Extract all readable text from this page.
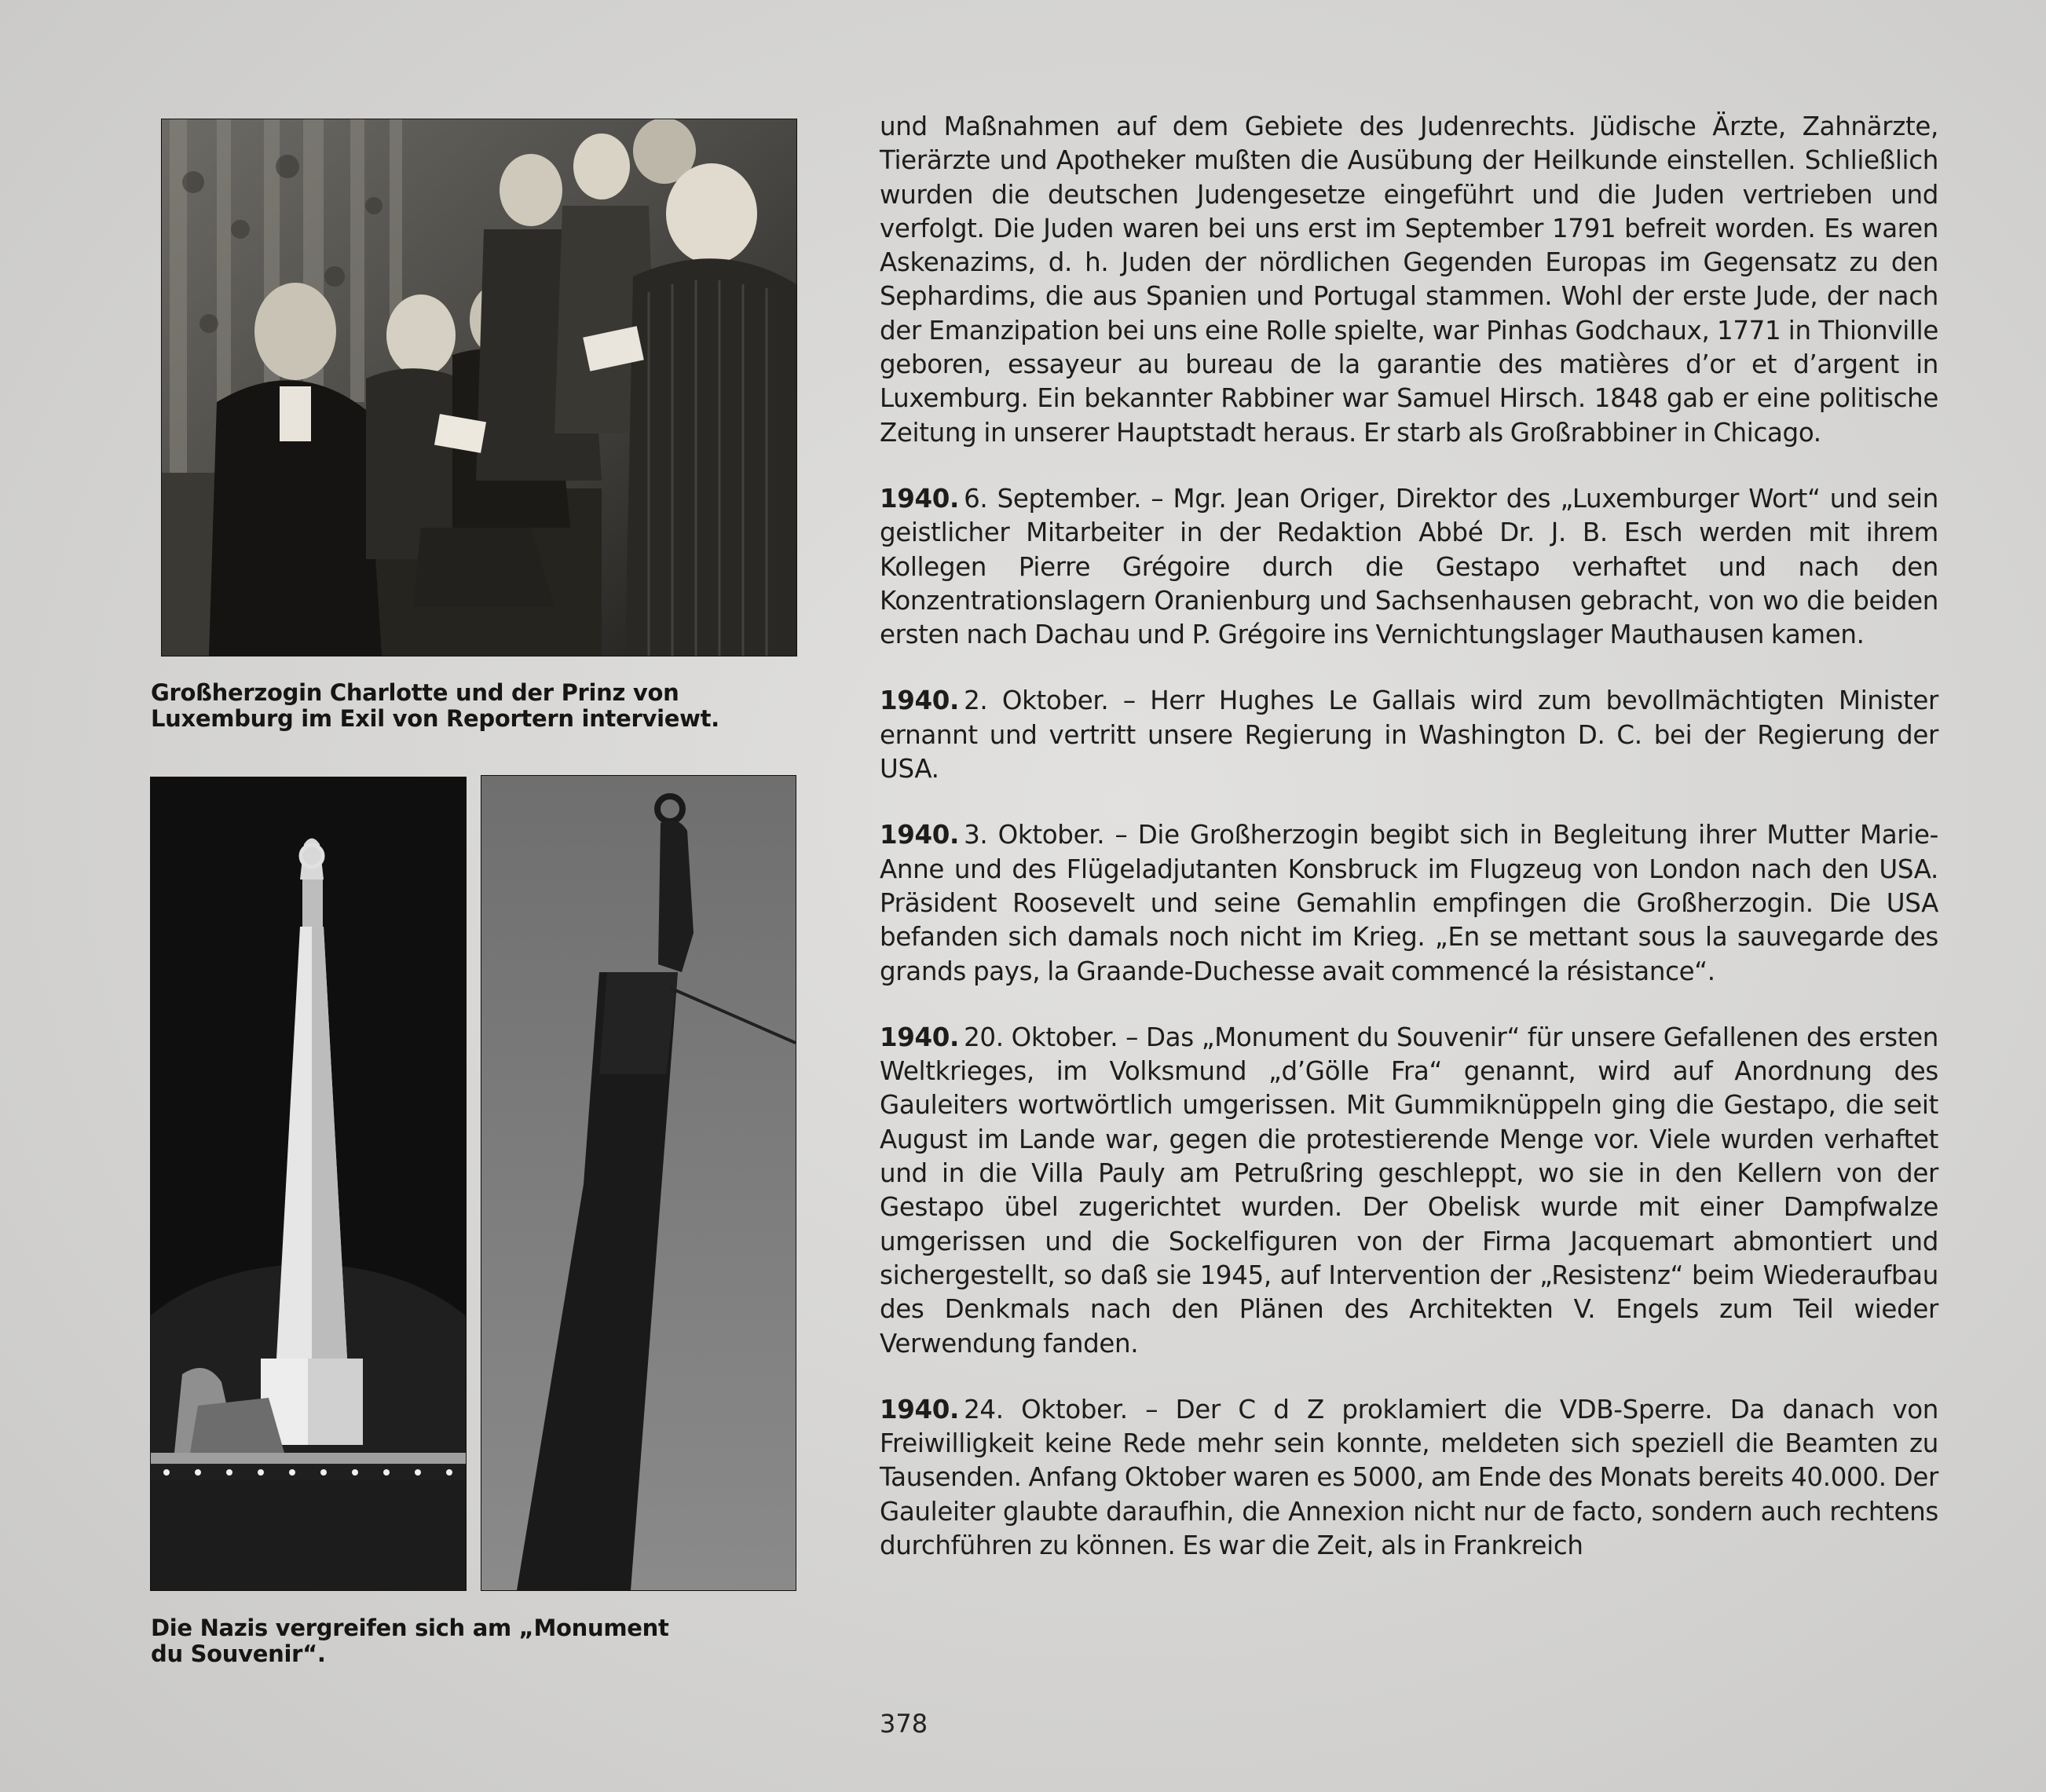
Großherzogin Charlotte und der Prinz von Luxemburg im Exil von Reportern interviewt.
Die Nazis vergreifen sich am „Monument du Souvenir“.

und Maßnahmen auf dem Gebiete des Judenrechts. Jüdische Ärzte, Zahnärzte, Tierärzte und Apotheker mußten die Ausübung der Heilkunde einstellen. Schließlich wurden die deutschen Judengesetze eingeführt und die Juden vertrieben und verfolgt. Die Juden waren bei uns erst im September 1791 befreit worden. Es waren Askenazims, d. h. Juden der nördlichen Gegenden Europas im Gegensatz zu den Sephardims, die aus Spanien und Portugal stammen. Wohl der erste Jude, der nach der Emanzipation bei uns eine Rolle spielte, war Pinhas Godchaux, 1771 in Thionville geboren, essayeur au bureau de la garantie des matières d’or et d’argent in Luxemburg. Ein bekannter Rabbiner war Samuel Hirsch. 1848 gab er eine politische Zeitung in unserer Hauptstadt heraus. Er starb als Großrabbiner in Chicago.

1940. 6. September. – Mgr. Jean Origer, Direktor des „Luxemburger Wort“ und sein geistlicher Mitarbeiter in der Redaktion Abbé Dr. J. B. Esch werden mit ihrem Kollegen Pierre Grégoire durch die Gestapo verhaftet und nach den Konzentrationslagern Oranienburg und Sachsenhausen gebracht, von wo die beiden ersten nach Dachau und P. Grégoire ins Vernichtungslager Mauthausen kamen.

1940. 2. Oktober. – Herr Hughes Le Gallais wird zum bevollmächtigten Minister ernannt und vertritt unsere Regierung in Washington D. C. bei der Regierung der USA.

1940. 3. Oktober. – Die Großherzogin begibt sich in Begleitung ihrer Mutter Marie-Anne und des Flügeladjutanten Konsbruck im Flugzeug von London nach den USA. Präsident Roosevelt und seine Gemahlin empfingen die Großherzogin. Die USA befanden sich damals noch nicht im Krieg. „En se mettant sous la sauvegarde des grands pays, la Graande-Duchesse avait commencé la résistance“.

1940. 20. Oktober. – Das „Monument du Souvenir“ für unsere Gefallenen des ersten Weltkrieges, im Volksmund „d’Gölle Fra“ genannt, wird auf Anordnung des Gauleiters wortwörtlich umgerissen. Mit Gummiknüppeln ging die Gestapo, die seit August im Lande war, gegen die protestierende Menge vor. Viele wurden verhaftet und in die Villa Pauly am Petrußring geschleppt, wo sie in den Kellern von der Gestapo übel zugerichtet wurden. Der Obelisk wurde mit einer Dampfwalze umgerissen und die Sockelfiguren von der Firma Jacquemart abmontiert und sichergestellt, so daß sie 1945, auf Intervention der „Resistenz“ beim Wiederaufbau des Denkmals nach den Plänen des Architekten V. Engels zum Teil wieder Verwendung fanden.

1940. 24. Oktober. – Der C d Z proklamiert die VDB-Sperre. Da danach von Freiwilligkeit keine Rede mehr sein konnte, meldeten sich speziell die Beamten zu Tausenden. Anfang Oktober waren es 5000, am Ende des Monats bereits 40.000. Der Gauleiter glaubte daraufhin, die Annexion nicht nur de facto, sondern auch rechtens durchführen zu können. Es war die Zeit, als in Frankreich

378
